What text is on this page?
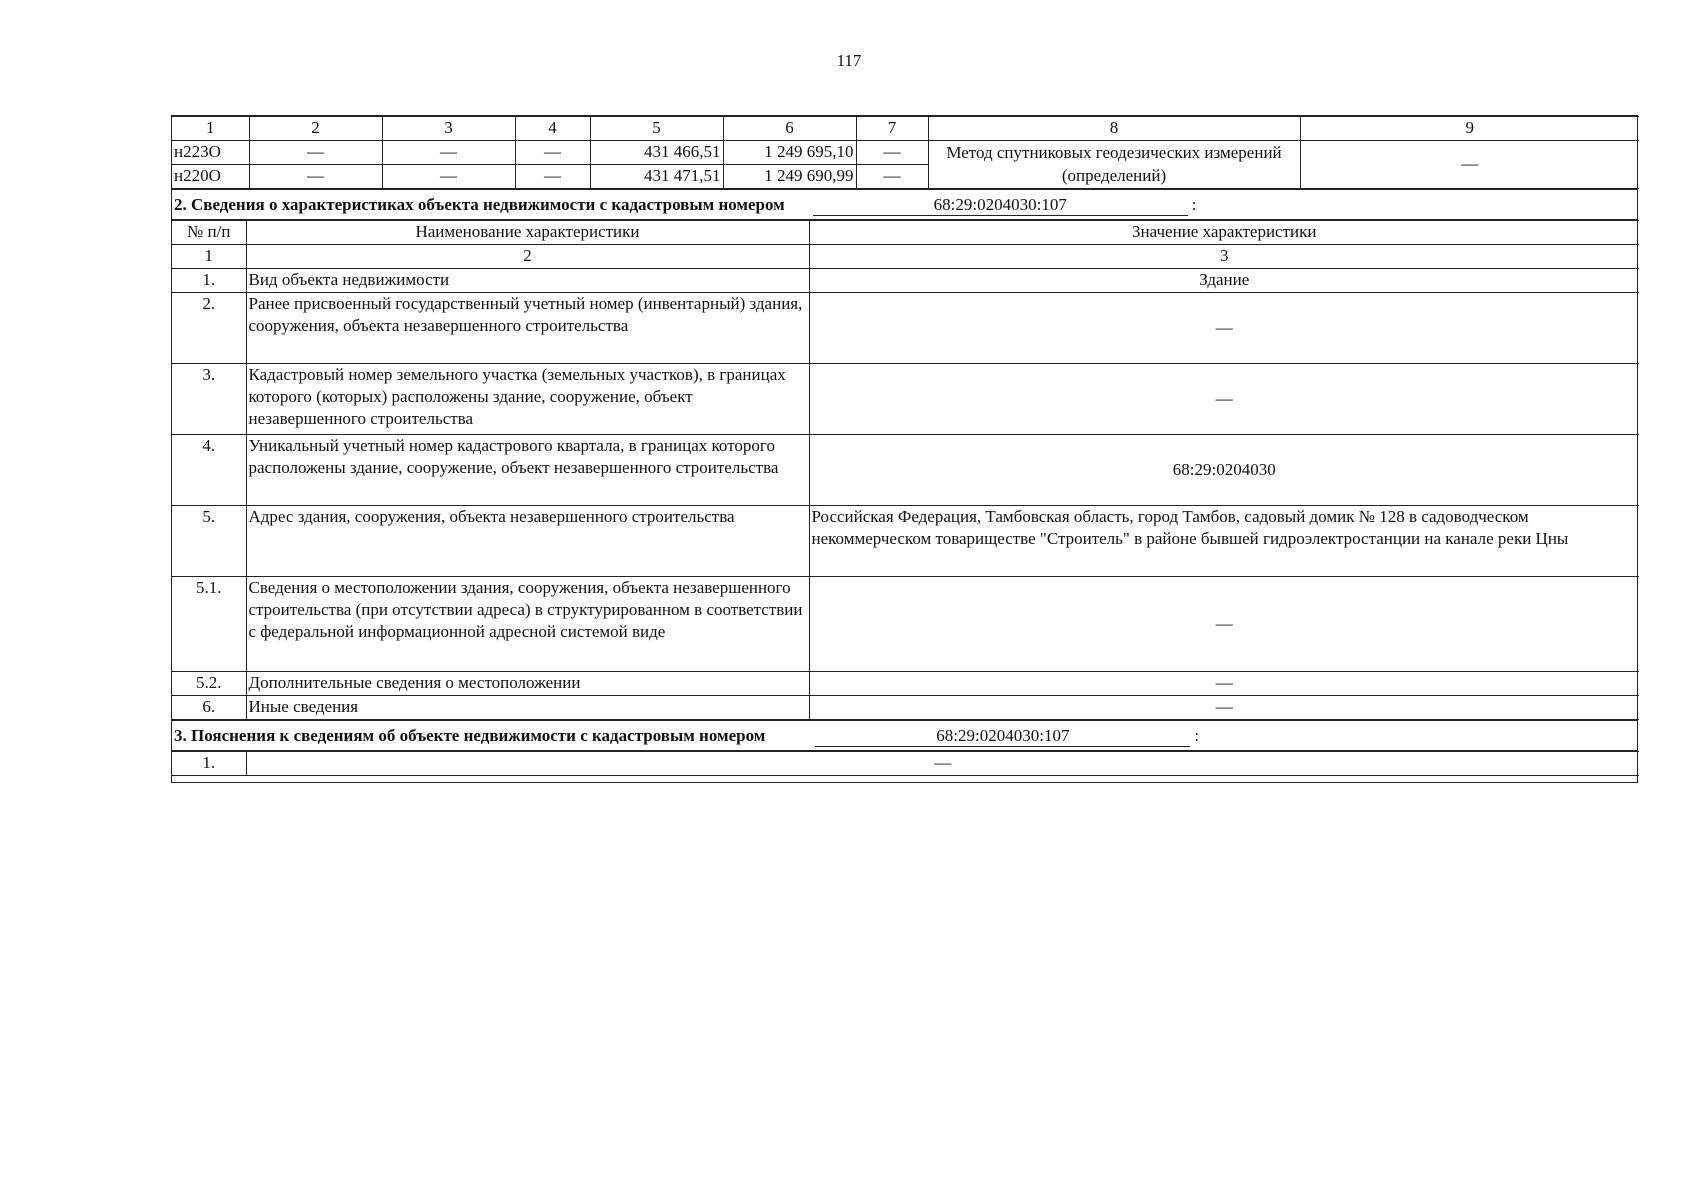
117
1	2	3	4	5	6	7	8	9
н223О	—	—	—	431 466,51	1 249 695,10	—	Метод спутниковых геодезических измерений (определений)	—
н220О	—	—	—	431 471,51	1 249 690,99	—		
2. Сведения о характеристиках объекта недвижимости с кадастровым номером	68:29:0204030:107	:
№ п/п	Наименование характеристики	Значение характеристики
1	2	3
1.	Вид объекта недвижимости	Здание
2.	Ранее присвоенный государственный учетный номер (инвентарный) здания, сооружения, объекта незавершенного строительства	—
3.	Кадастровый номер земельного участка (земельных участков), в границах которого (которых) расположены здание, сооружение, объект незавершенного строительства	—
4.	Уникальный учетный номер кадастрового квартала, в границах которого расположены здание, сооружение, объект незавершенного строительства	68:29:0204030
5.	Адрес здания, сооружения, объекта незавершенного строительства	Российская Федерация, Тамбовская область, город Тамбов, садовый домик № 128 в садоводческом некоммерческом товариществе "Строитель" в районе бывшей гидроэлектростанции на канале реки Цны
5.1.	Сведения о местоположении здания, сооружения, объекта незавершенного строительства (при отсутствии адреса) в структурированном в соответствии с федеральной информационной адресной системой виде	—
5.2.	Дополнительные сведения о местоположении	—
6.	Иные сведения	—
3. Пояснения к сведениям об объекте недвижимости с кадастровым номером	68:29:0204030:107	:
1.	—
